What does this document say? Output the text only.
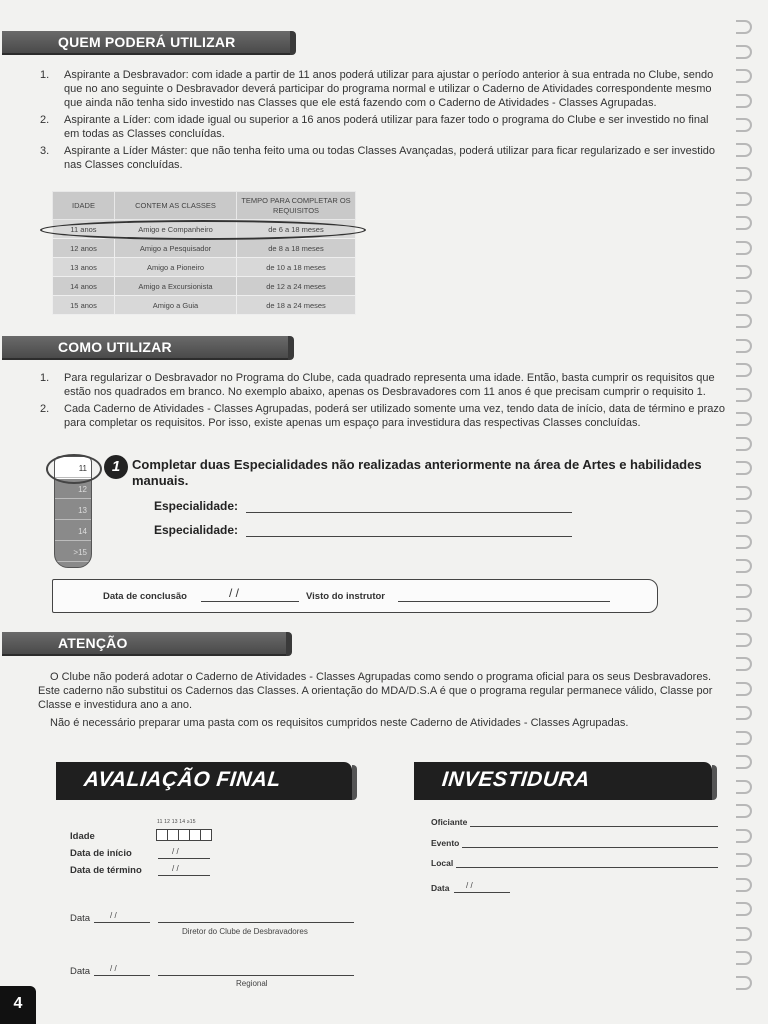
QUEM PODERÁ UTILIZAR
1. Aspirante a Desbravador: com idade a partir de 11 anos poderá utilizar para ajustar o período anterior à sua entrada no Clube, sendo que no ano seguinte o Desbravador deverá participar do programa normal e utilizar o Caderno de Atividades correspondente mesmo que ainda não tenha sido investido nas Classes que ele está fazendo com o Caderno de Atividades - Classes Agrupadas.
2. Aspirante a Líder: com idade igual ou superior a 16 anos poderá utilizar para fazer todo o programa do Clube e ser investido no final em todas as Classes concluídas.
3. Aspirante a Líder Máster: que não tenha feito uma ou todas Classes Avançadas, poderá utilizar para ficar regularizado e ser investido nas Classes concluídas.
IDADE	CONTEM AS CLASSES	TEMPO PARA COMPLETAR OS REQUISITOS
11 anos	Amigo e Companheiro	de 6 a 18 meses
12 anos	Amigo a Pesquisador	de 8 a 18 meses
13 anos	Amigo a Pioneiro	de 10 a 18 meses
14 anos	Amigo a Excursionista	de 12 a 24 meses
15 anos	Amigo a Guia	de 18 a 24 meses
COMO UTILIZAR
1. Para regularizar o Desbravador no Programa do Clube, cada quadrado representa uma idade. Então, basta cumprir os requisitos que estão nos quadrados em branco. No exemplo abaixo, apenas os Desbravadores com 11 anos é que precisam cumprir o requisito 1.
2. Cada Caderno de Atividades - Classes Agrupadas, poderá ser utilizado somente uma vez, tendo data de início, data de término e prazo para completar os requisitos. Por isso, existe apenas um espaço para investidura das respectivas Classes concluídas.
11
12
13
14
>15
1 Completar duas Especialidades não realizadas anteriormente na área de Artes e habilidades manuais.
Especialidade:
Especialidade:
Data de conclusão	/ /	Visto do instrutor
ATENÇÃO
O Clube não poderá adotar o Caderno de Atividades - Classes Agrupadas como sendo o programa oficial para os seus Desbravadores. Este caderno não substitui os Cadernos das Classes. A orientação do MDA/D.S.A é que o programa regular permanece válido, Classe por Classe e investidura ano a ano.
Não é necessário preparar uma pasta com os requisitos cumpridos neste Caderno de Atividades - Classes Agrupadas.
AVALIAÇÃO FINAL
11 12 13 14 ≥15
Idade
Data de início	/ /
Data de término	/ /
Data / /
Diretor do Clube de Desbravadores
Data / /
Regional
INVESTIDURA
Oficiante
Evento
Local
Data / /
4
